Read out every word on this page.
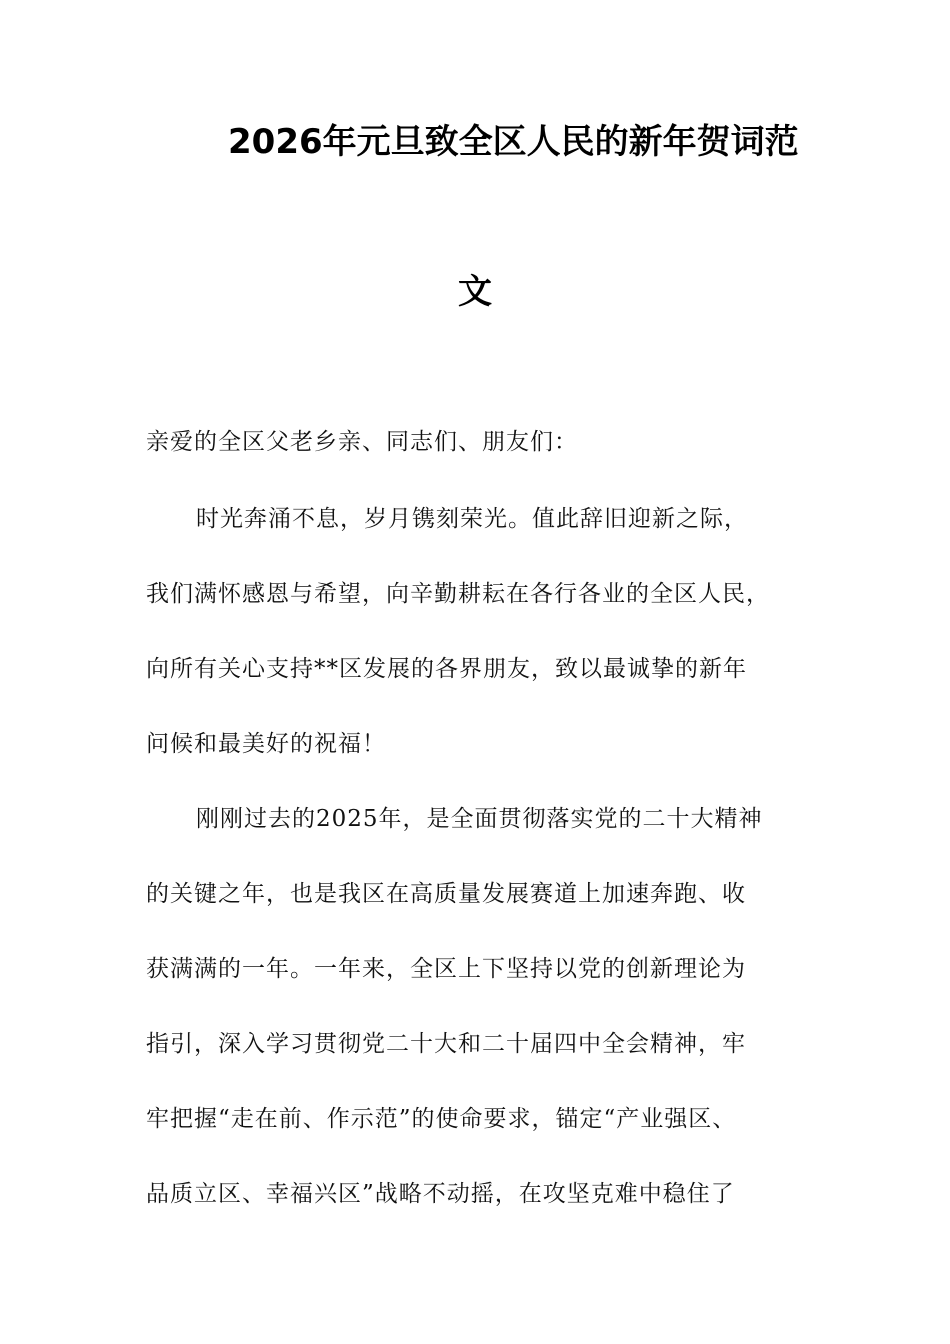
2026年元旦致全区人民的新年贺词范
文
亲爱的全区父老乡亲、同志们、朋友们：
时光奔涌不息，岁月镌刻荣光。值此辞旧迎新之际，
我们满怀感恩与希望，向辛勤耕耘在各行各业的全区人民，
向所有关心支持**区发展的各界朋友，致以最诚挚的新年
问候和最美好的祝福！
刚刚过去的2025年，是全面贯彻落实党的二十大精神
的关键之年，也是我区在高质量发展赛道上加速奔跑、收
获满满的一年。一年来，全区上下坚持以党的创新理论为
指引，深入学习贯彻党二十大和二十届四中全会精神，牢
牢把握“走在前、作示范”的使命要求，锚定“产业强区、
品质立区、幸福兴区”战略不动摇，在攻坚克难中稳住了
